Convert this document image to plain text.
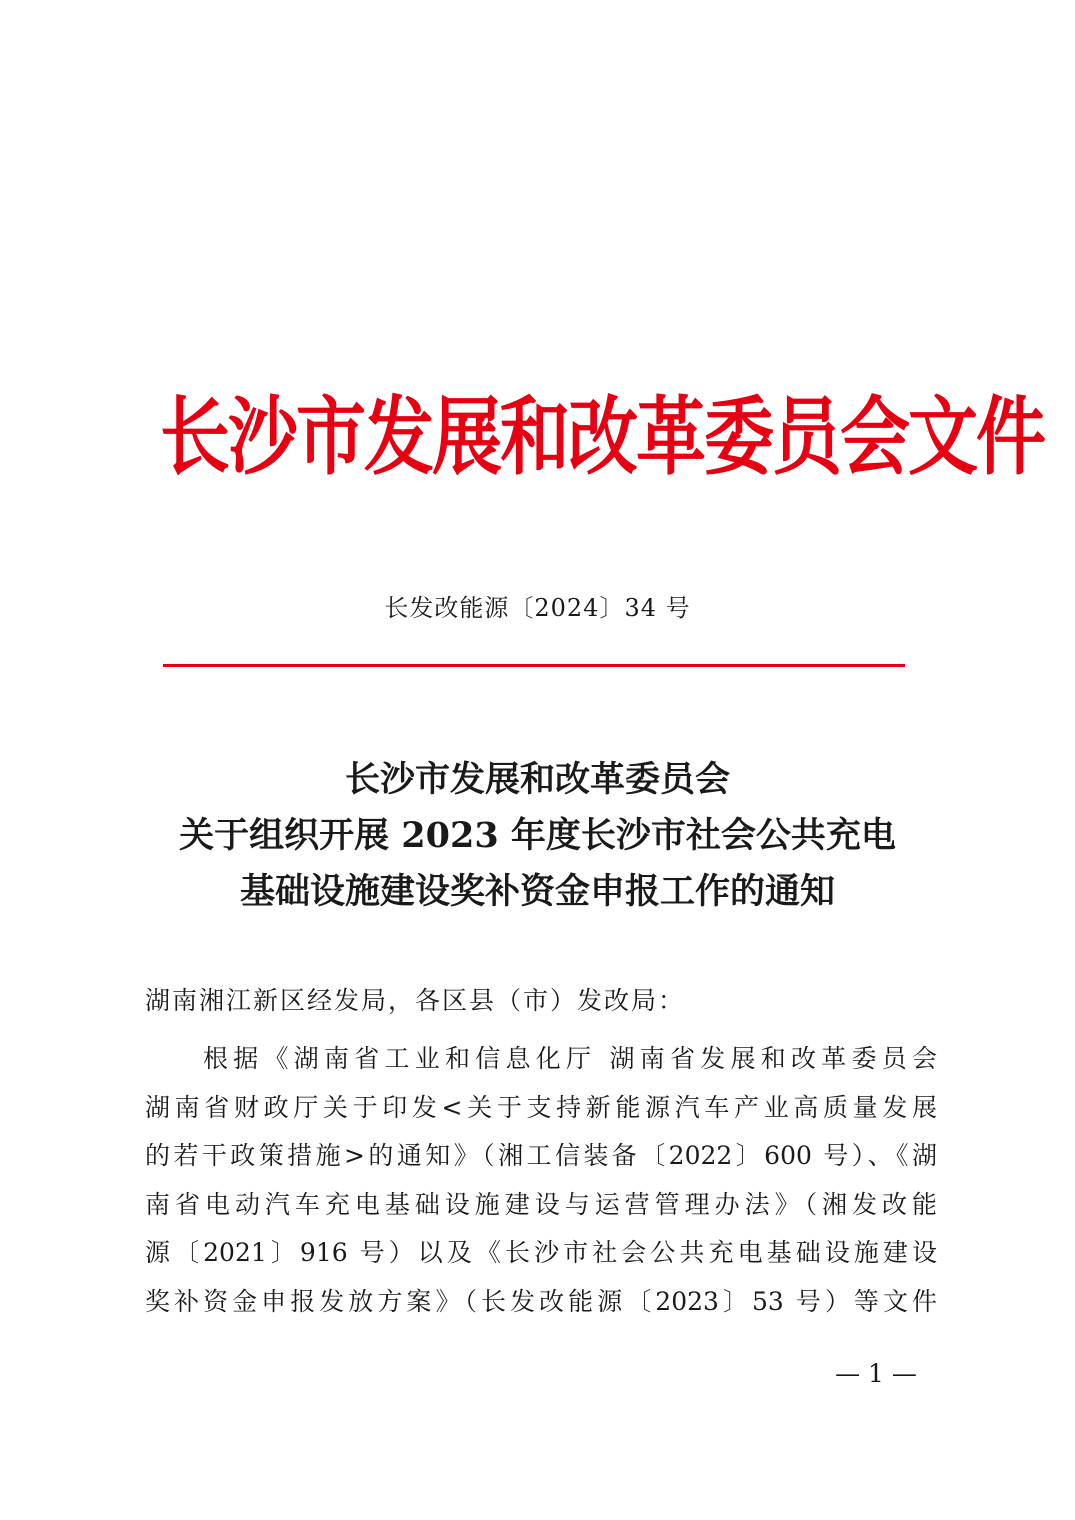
长沙市发展和改革委员会文件
长发改能源〔2024〕34 号
长沙市发展和改革委员会
关于组织开展 2023 年度长沙市社会公共充电
基础设施建设奖补资金申报工作的通知

湖南湘江新区经发局，各区县（市）发改局：

根据《湖南省工业和信息化厅 湖南省发展和改革委员会
湖南省财政厅关于印发<关于支持新能源汽车产业高质量发展
的若干政策措施>的通知》（湘工信装备〔2022〕600 号）、《湖
南省电动汽车充电基础设施建设与运营管理办法》（湘发改能
源〔2021〕916 号）以及《长沙市社会公共充电基础设施建设
奖补资金申报发放方案》（长发改能源〔2023〕53 号）等文件
— 1 —
